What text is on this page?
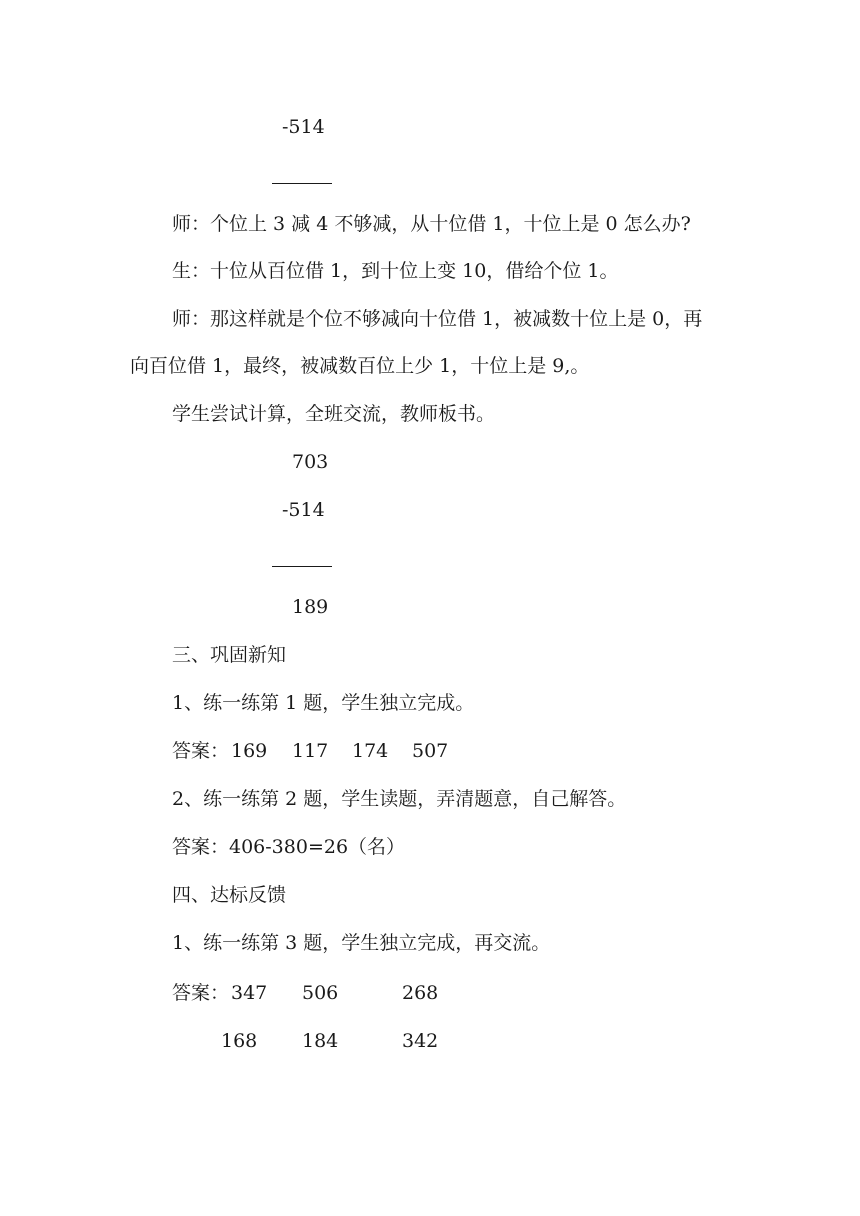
-514
师：个位上 3 减 4 不够减，从十位借 1，十位上是 0 怎么办?
生：十位从百位借 1，到十位上变 10，借给个位 1。
师：那这样就是个位不够减向十位借 1，被减数十位上是 0，再
向百位借 1，最终，被减数百位上少 1，十位上是 9,。
学生尝试计算，全班交流，教师板书。
703
-514
189
三、巩固新知
1、练一练第 1 题，学生独立完成。
答案： 169 117 174 507
2、练一练第 2 题，学生读题，弄清题意，自己解答。
答案：406-380=26（名）
四、达标反馈
1、练一练第 3 题，学生独立完成，再交流。
答案： 347 506	268
168 184	342
